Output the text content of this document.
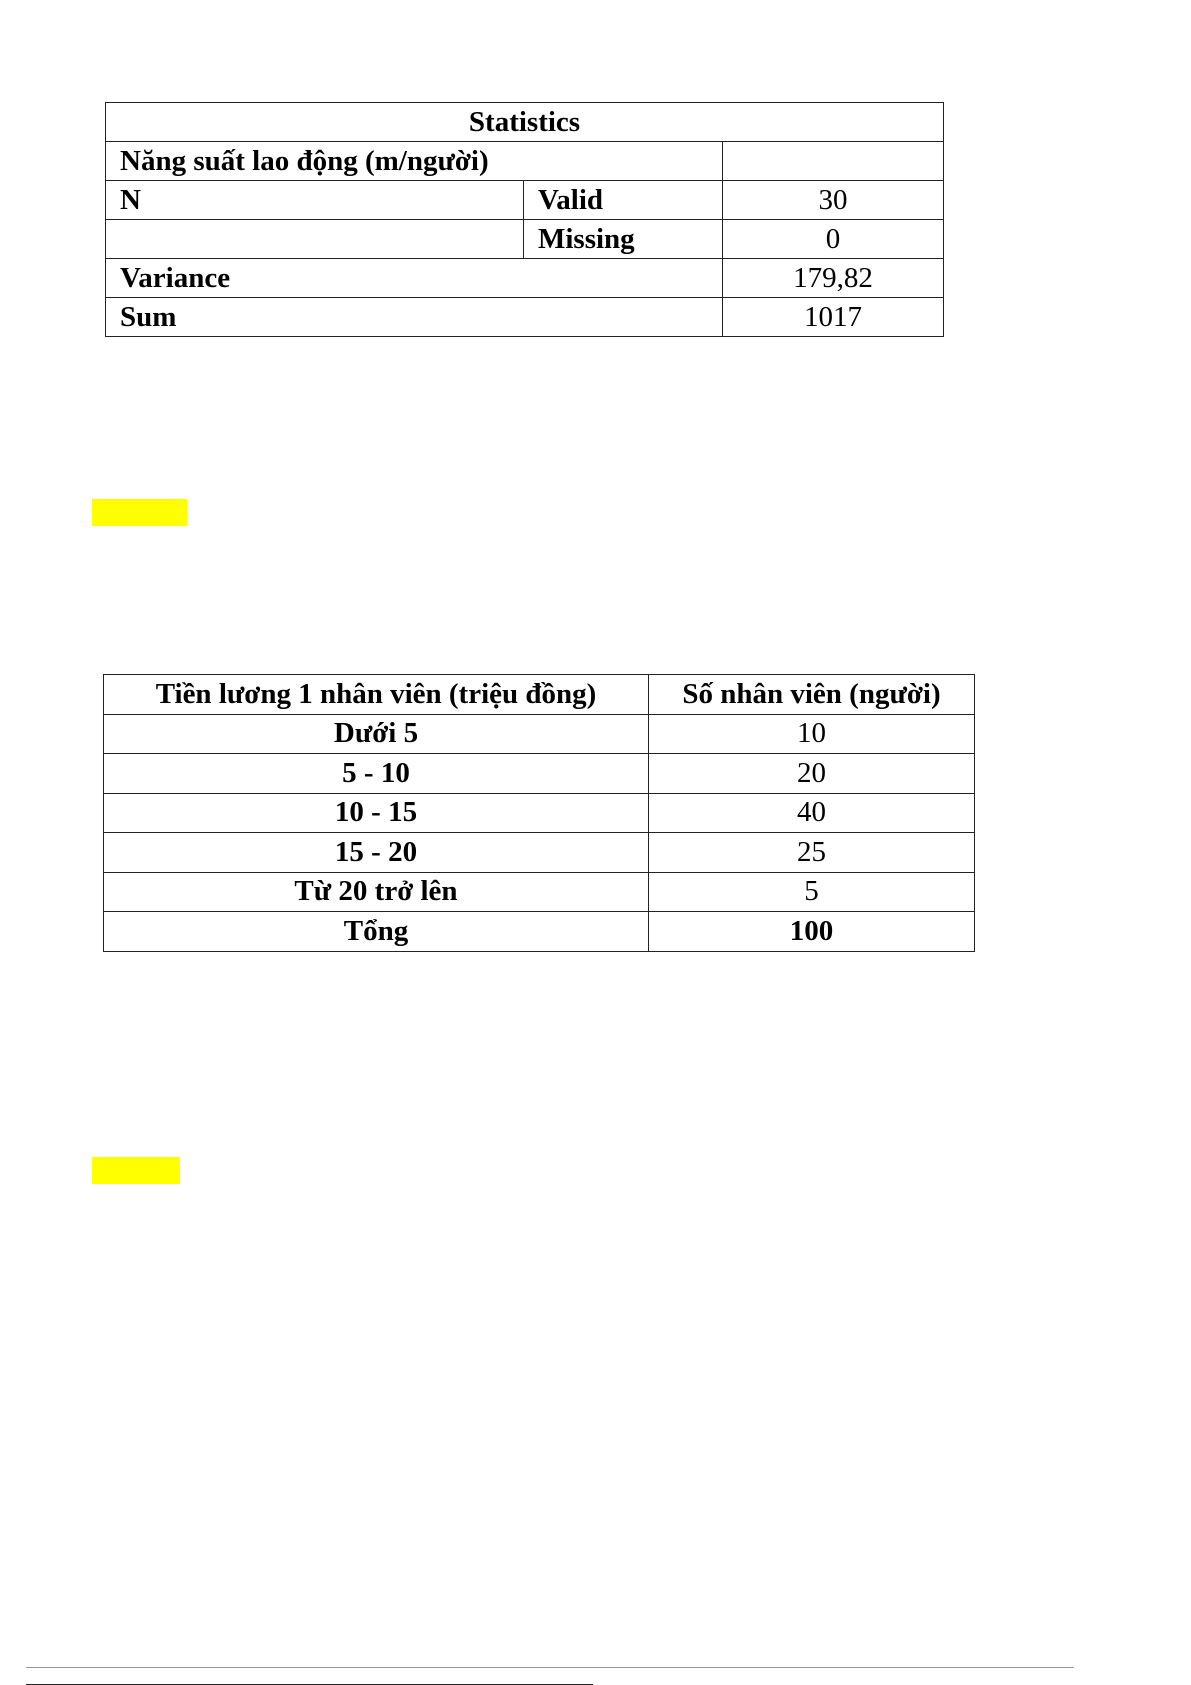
Statistics		
Năng suất lao động (m/người)		
N	Valid	30
	Missing	0
Variance		179,82
Sum		1017
Tiền lương 1 nhân viên (triệu đồng)	Số nhân viên (người)
Dưới 5	10
5 - 10	20
10 - 15	40
15 - 20	25
Từ 20 trở lên	5
Tổng	100
